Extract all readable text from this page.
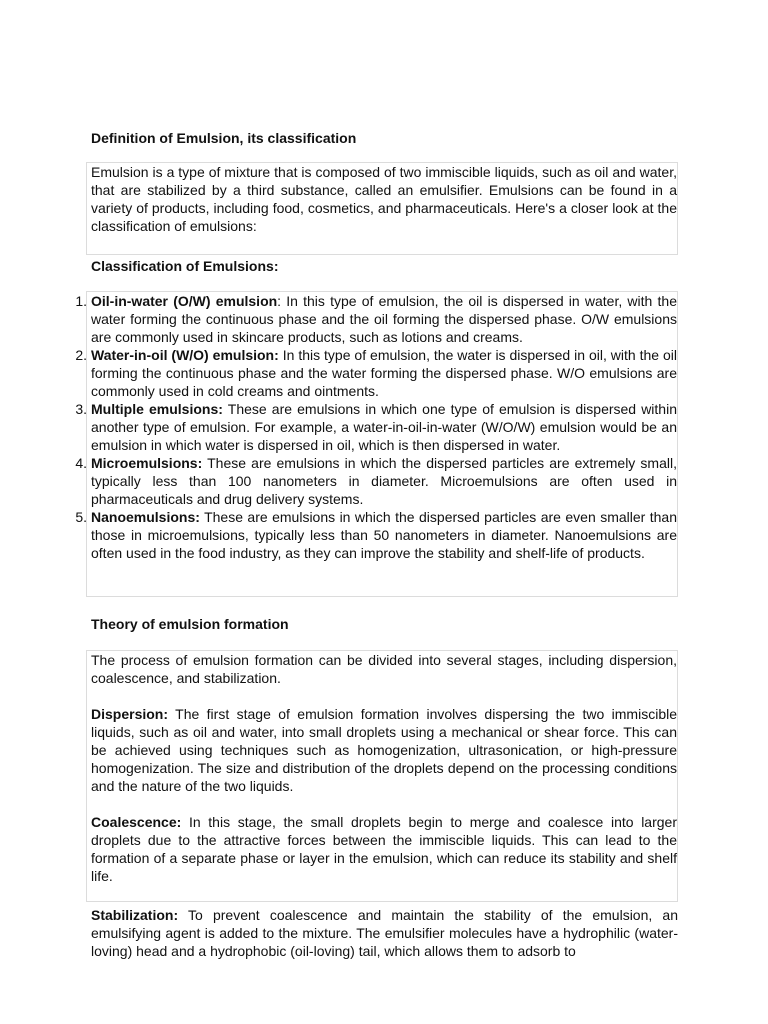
Definition of Emulsion, its classification

Emulsion is a type of mixture that is composed of two immiscible liquids, such as oil and water, that are stabilized by a third substance, called an emulsifier. Emulsions can be found in a variety of products, including food, cosmetics, and pharmaceuticals. Here's a closer look at the classification of emulsions:

Classification of Emulsions:

1. Oil-in-water (O/W) emulsion: In this type of emulsion, the oil is dispersed in water, with the water forming the continuous phase and the oil forming the dispersed phase. O/W emulsions are commonly used in skincare products, such as lotions and creams.
2. Water-in-oil (W/O) emulsion: In this type of emulsion, the water is dispersed in oil, with the oil forming the continuous phase and the water forming the dispersed phase. W/O emulsions are commonly used in cold creams and ointments.
3. Multiple emulsions: These are emulsions in which one type of emulsion is dispersed within another type of emulsion. For example, a water-in-oil-in-water (W/O/W) emulsion would be an emulsion in which water is dispersed in oil, which is then dispersed in water.
4. Microemulsions: These are emulsions in which the dispersed particles are extremely small, typically less than 100 nanometers in diameter. Microemulsions are often used in pharmaceuticals and drug delivery systems.
5. Nanoemulsions: These are emulsions in which the dispersed particles are even smaller than those in microemulsions, typically less than 50 nanometers in diameter. Nanoemulsions are often used in the food industry, as they can improve the stability and shelf-life of products.

Theory of emulsion formation

The process of emulsion formation can be divided into several stages, including dispersion, coalescence, and stabilization.

Dispersion: The first stage of emulsion formation involves dispersing the two immiscible liquids, such as oil and water, into small droplets using a mechanical or shear force. This can be achieved using techniques such as homogenization, ultrasonication, or high-pressure homogenization. The size and distribution of the droplets depend on the processing conditions and the nature of the two liquids.

Coalescence: In this stage, the small droplets begin to merge and coalesce into larger droplets due to the attractive forces between the immiscible liquids. This can lead to the formation of a separate phase or layer in the emulsion, which can reduce its stability and shelf life.

Stabilization: To prevent coalescence and maintain the stability of the emulsion, an emulsifying agent is added to the mixture. The emulsifier molecules have a hydrophilic (water-loving) head and a hydrophobic (oil-loving) tail, which allows them to adsorb to
